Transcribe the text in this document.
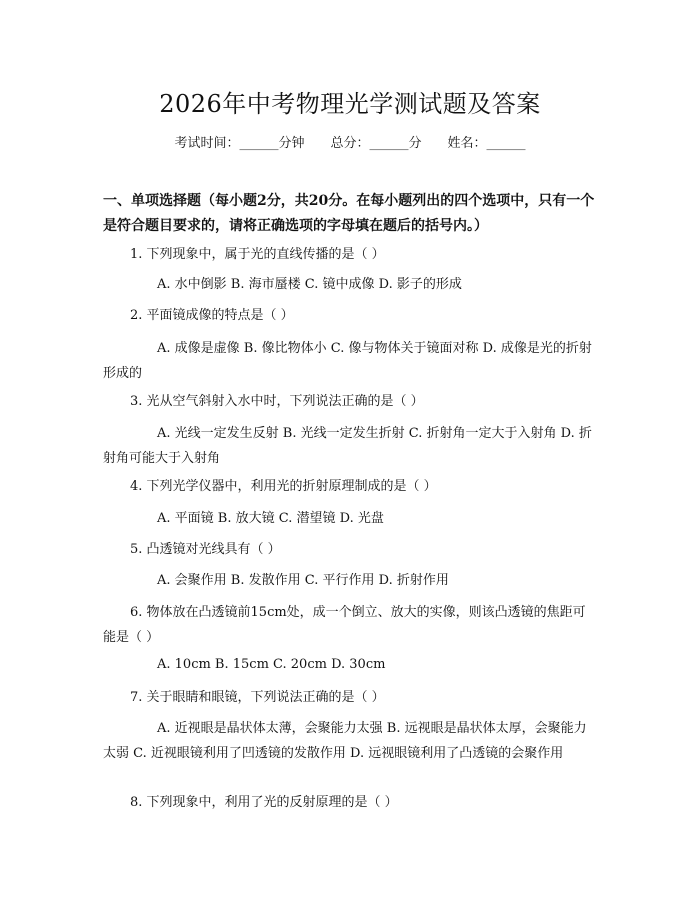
2026年中考物理光学测试题及答案
考试时间：______分钟 总分：______分 姓名：______
一、单项选择题（每小题2分，共20分。在每小题列出的四个选项中，只有一个是符合题目要求的，请将正确选项的字母填在题后的括号内。）
1. 下列现象中，属于光的直线传播的是（ ）
A. 水中倒影 B. 海市蜃楼 C. 镜中成像 D. 影子的形成
2. 平面镜成像的特点是（ ）
A. 成像是虚像 B. 像比物体小 C. 像与物体关于镜面对称 D. 成像是光的折射形成的
3. 光从空气斜射入水中时，下列说法正确的是（ ）
A. 光线一定发生反射 B. 光线一定发生折射 C. 折射角一定大于入射角 D. 折射角可能大于入射角
4. 下列光学仪器中，利用光的折射原理制成的是（ ）
A. 平面镜 B. 放大镜 C. 潜望镜 D. 光盘
5. 凸透镜对光线具有（ ）
A. 会聚作用 B. 发散作用 C. 平行作用 D. 折射作用
6. 物体放在凸透镜前15cm处，成一个倒立、放大的实像，则该凸透镜的焦距可能是（ ）
A. 10cm B. 15cm C. 20cm D. 30cm
7. 关于眼睛和眼镜，下列说法正确的是（ ）
A. 近视眼是晶状体太薄，会聚能力太强 B. 远视眼是晶状体太厚，会聚能力太弱 C. 近视眼镜利用了凹透镜的发散作用 D. 远视眼镜利用了凸透镜的会聚作用
8. 下列现象中，利用了光的反射原理的是（ ）
